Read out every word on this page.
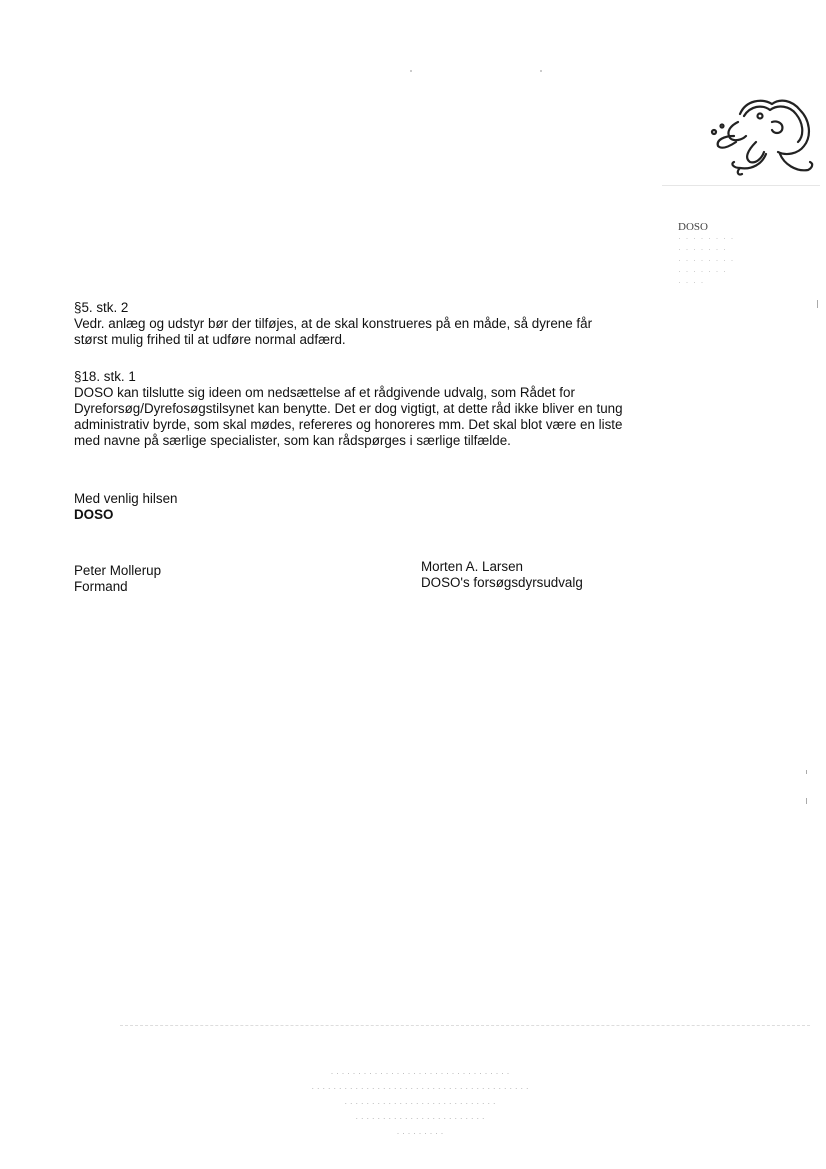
DOSO
· · · · · · · ·
· · · · · · ·
· · · · · · · ·
· · · · · · ·
· · · ·

§5. stk. 2

Vedr. anlæg og udstyr bør der tilføjes, at de skal konstrueres på en måde, så dyrene får

størst mulig frihed til at udføre normal adfærd.

§18. stk. 1

DOSO kan tilslutte sig ideen om nedsættelse af et rådgivende udvalg, som Rådet for

Dyreforsøg/Dyrefosøgstilsynet kan benytte. Det er dog vigtigt, at dette råd ikke bliver en tung

administrativ byrde, som skal mødes, refereres og honoreres mm. Det skal blot være en liste

med navne på særlige specialister, som kan rådspørges i særlige tilfælde.

Med venlig hilsen

DOSO

Peter Mollerup
Formand
Morten A. Larsen
DOSO's forsøgsdyrsudvalg
· · · · · · · · · · · · · · · · · · · · · · · · · · · · · · · · ·
· · · · · · · · · · · · · · · · · · · · · · · · · · · · · · · · · · · · · · · ·
· · · · · · · · · · · · · · · · · · · · · · · · · · · ·
· · · · · · · · · · · · · · · · · · · · · · · ·
· · · · · · · · ·
